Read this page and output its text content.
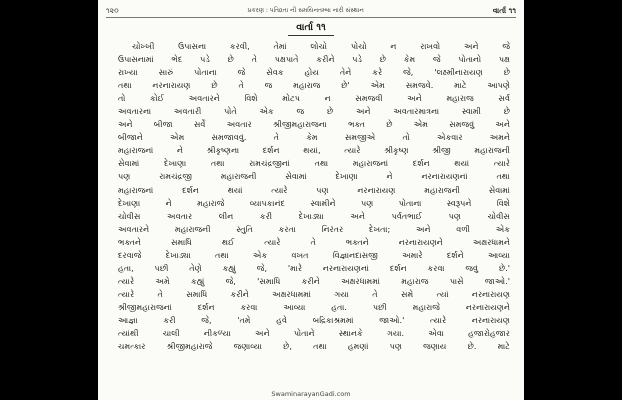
૧૨૦	પ્રકરણ : પતિવ્રતા ની સમયિનતમ્બા નારી સંસ્થાન	વાર્તા ૧૧
વાર્તા ૧૧
ચોખ્ખી ઉપાસના કરવી, તેમાં લોચો પોચો ન રાખવો અને જે
ઉપાસનામાં ભેદ પડે છે તે પક્ષપાતે કરીને પડે છે કેમ જે પોતાનો પક્ષ
રાખ્યા સારું પોતાના જે સેવક હોય તેને કરે જે, 'લક્ષ્મીનારાયણ છે
તથા નરનારાયણ છે તે જ મહારાજ છે' એમ સમજવે. માટે આપણે
તો કોઈ અવતારને વિશે મોટપ ન સમજવી અને મહારાજ સર્વ
અવતારના અવતારી પોતે એક જ છે અને અવતારમાત્રના સ્વામી છે
અને બીજા સર્વે અવતાર શ્રીજીમહારાજના ભક્ત છે એમ સમજવું અને
બીજાને એમ સમજાવવું. તે કેમ સમજીએ તો એકવાર અમને
મહારાજનાં ને શ્રીકૃષ્ણના દર્શન થયાં, ત્યારે શ્રીકૃષ્ણ શ્રીજી મહારાજની
સેવામાં દેખાણા તથા રામચંદ્રજીનાં તથા મહારાજનાં દર્શન થયાં ત્યારે
પણ રામચંદ્રજી મહારાજની સેવામાં દેખાણા ને નરનારાયણનાં તથા
મહારાજનાં દર્શન થયાં ત્યારે પણ નરનારાયણ મહારાજની સેવામાં
દેખાણા ને મહારાજે વ્યાપકાનંદ સ્વામીને પણ પોતાના સ્વરૂપને વિશે
ચોવીસ અવતાર લીન કરી દેખાડ્યા અને પર્વતભાઈ પણ ચોવીસ
અવતારને મહારાજની સ્તુતિ કરતા નિરંતર દેખતા; અને વળી એક
ભક્તને સમાધિ થઈ ત્યારે તે ભક્તને નરનારાયણને અક્ષરધામને
દરવાજે દેખાડ્યા તથા એક વખત વિજ્ઞાનદાસજી અમારે દર્શને આવ્યા
હતા, પછી તેણે કહ્યું જે, 'મારે નરનારાયણનાં દર્શન કરવા જવું છે.'
ત્યારે અમે કહ્યું જે, 'સમાધિ કરીને અક્ષરધામમાં મહારાજ પાસે જાઓ.'
ત્યારે તે સમાધિ કરીને અક્ષરધામમાં ગયા તે સમે ત્યાં નરનારાયણ
શ્રીજીમહારાજનાં દર્શન કરવા આવ્યા હતા. પછી મહારાજે નરનારાયણને
આજ્ઞા કરી જે, 'તમે હવે બદ્રિકાશ્રમમાં જાઓ.' ત્યારે નરનારાયણ
ત્યાંથી ચાલી નીકળ્યા અને પોતાને સ્થાનકે ગયા. એવા હજારોહજાર
ચમત્કાર શ્રીજીમહારાજે જણાવ્યા છે, તથા હમણાં પણ જણાય છે. માટે
SwaminarayanGadi.com
